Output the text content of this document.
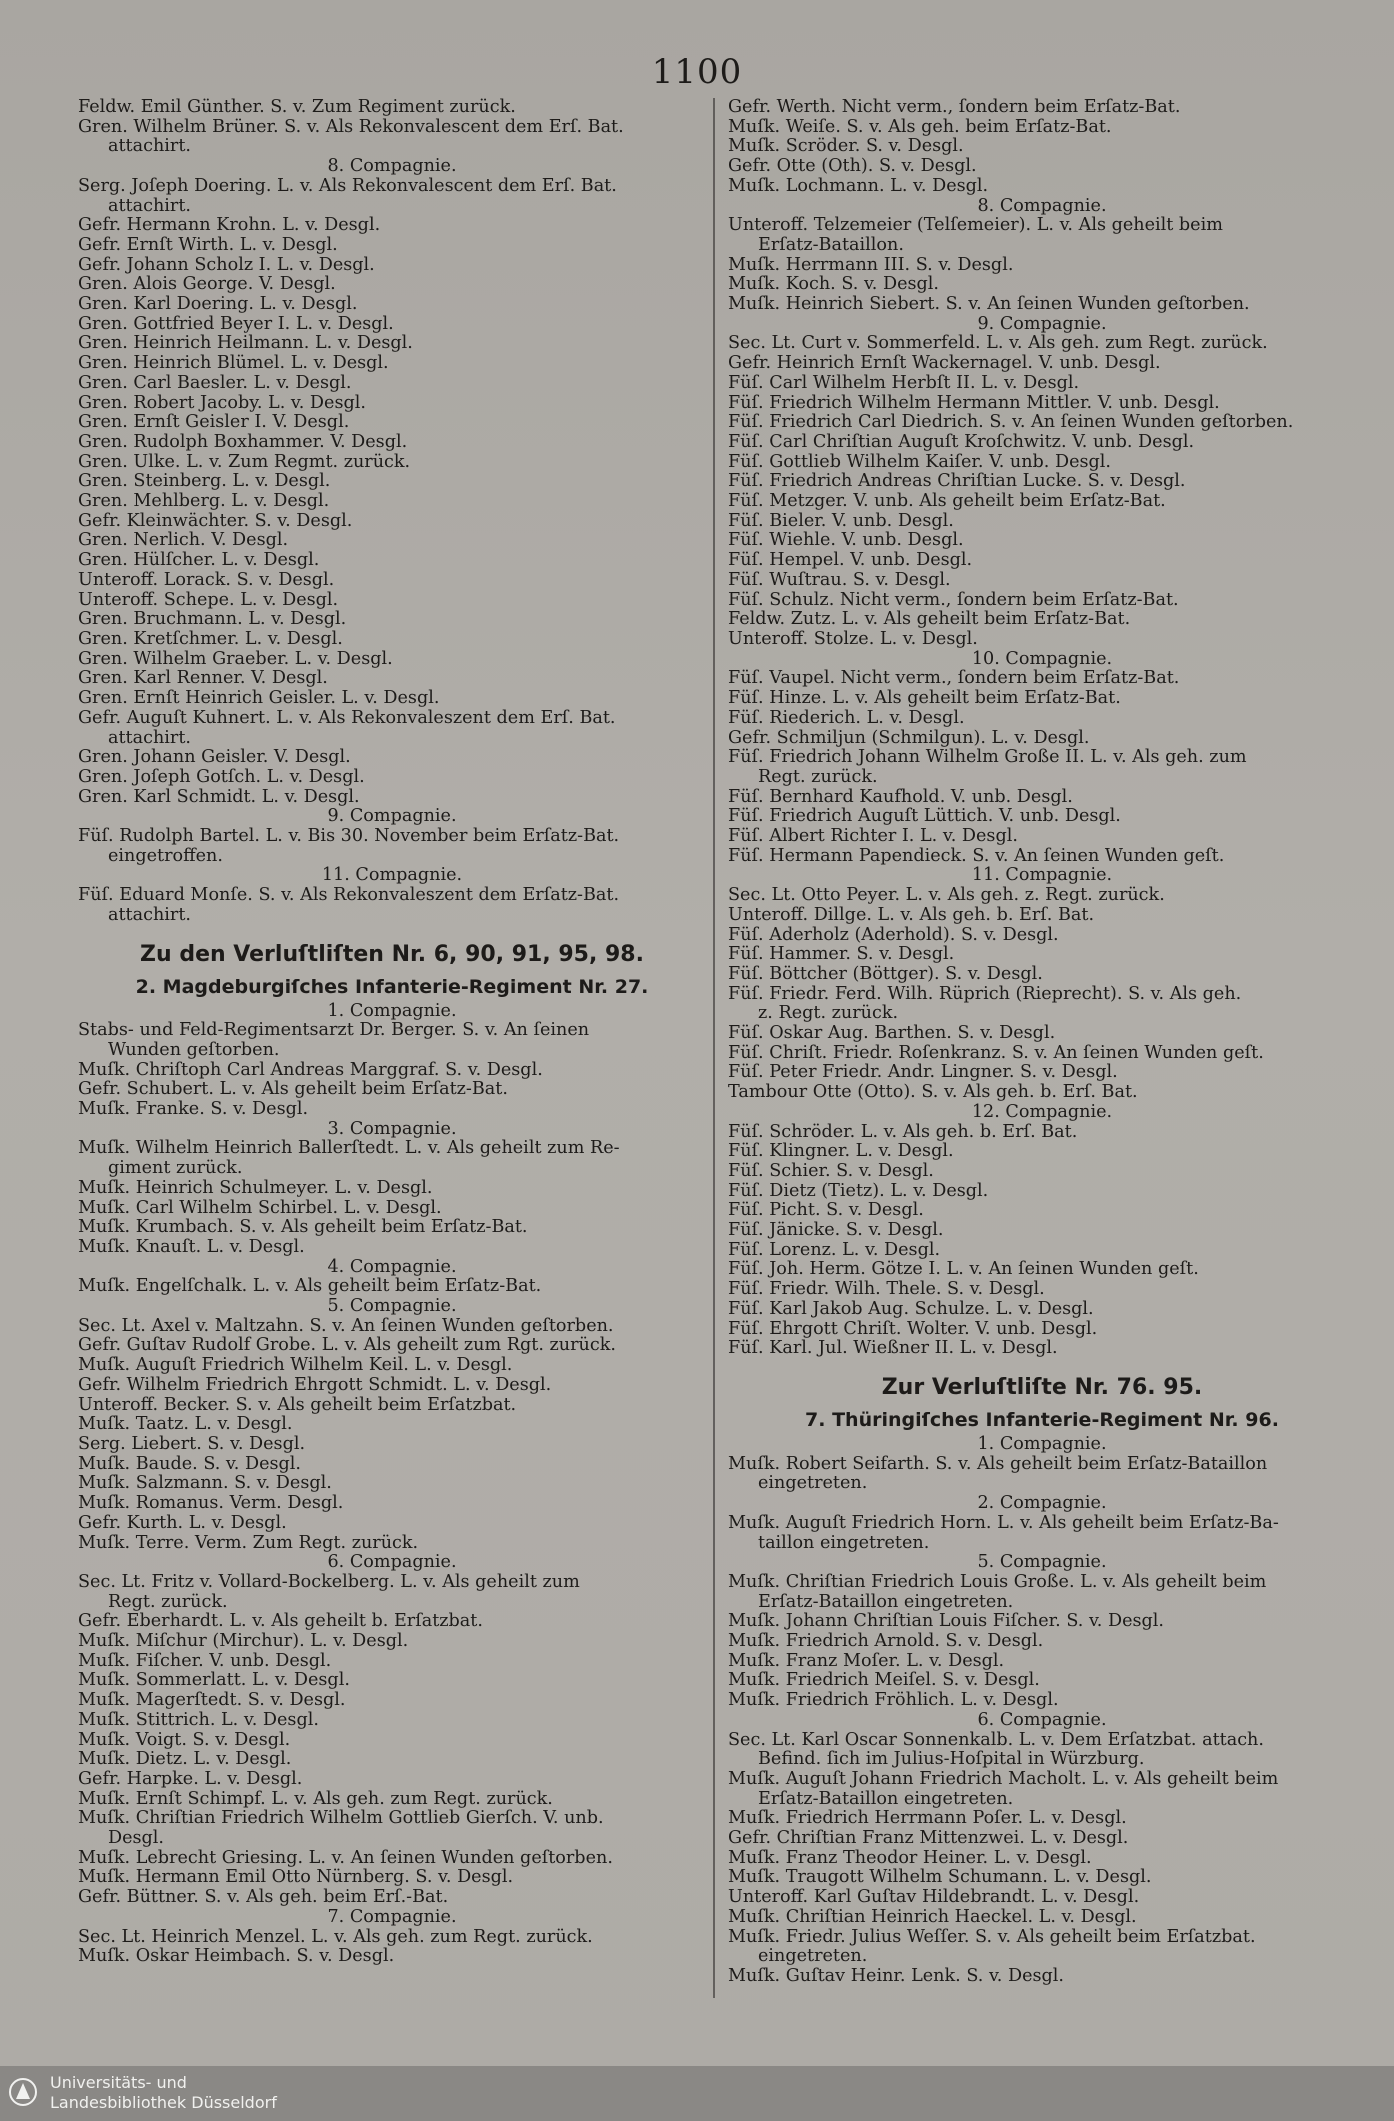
1100
Feldw. Emil Günther. S. v. Zum Regiment zurück.
Gren. Wilhelm Brüner. S. v. Als Rekonvalescent dem Erſ. Bat.
attachirt.
8. Compagnie.
Serg. Joſeph Doering. L. v. Als Rekonvalescent dem Erſ. Bat.
attachirt.
Gefr. Hermann Krohn. L. v. Desgl.
Gefr. Ernſt Wirth. L. v. Desgl.
Gefr. Johann Scholz I. L. v. Desgl.
Gren. Alois George. V. Desgl.
Gren. Karl Doering. L. v. Desgl.
Gren. Gottfried Beyer I. L. v. Desgl.
Gren. Heinrich Heilmann. L. v. Desgl.
Gren. Heinrich Blümel. L. v. Desgl.
Gren. Carl Baesler. L. v. Desgl.
Gren. Robert Jacoby. L. v. Desgl.
Gren. Ernſt Geisler I. V. Desgl.
Gren. Rudolph Boxhammer. V. Desgl.
Gren. Ulke. L. v. Zum Regmt. zurück.
Gren. Steinberg. L. v. Desgl.
Gren. Mehlberg. L. v. Desgl.
Gefr. Kleinwächter. S. v. Desgl.
Gren. Nerlich. V. Desgl.
Gren. Hülſcher. L. v. Desgl.
Unteroff. Lorack. S. v. Desgl.
Unteroff. Schepe. L. v. Desgl.
Gren. Bruchmann. L. v. Desgl.
Gren. Kretſchmer. L. v. Desgl.
Gren. Wilhelm Graeber. L. v. Desgl.
Gren. Karl Renner. V. Desgl.
Gren. Ernſt Heinrich Geisler. L. v. Desgl.
Gefr. Auguſt Kuhnert. L. v. Als Rekonvaleszent dem Erſ. Bat.
attachirt.
Gren. Johann Geisler. V. Desgl.
Gren. Joſeph Gotſch. L. v. Desgl.
Gren. Karl Schmidt. L. v. Desgl.
9. Compagnie.
Füſ. Rudolph Bartel. L. v. Bis 30. November beim Erſatz-Bat.
eingetroffen.
11. Compagnie.
Füſ. Eduard Monſe. S. v. Als Rekonvaleszent dem Erſatz-Bat.
attachirt.
Zu den Verluſtliſten Nr. 6, 90, 91, 95, 98.
2. Magdeburgiſches Infanterie-Regiment Nr. 27.
1. Compagnie.
Stabs- und Feld-Regimentsarzt Dr. Berger. S. v. An ſeinen
Wunden geſtorben.
Muſk. Chriſtoph Carl Andreas Marggraf. S. v. Desgl.
Gefr. Schubert. L. v. Als geheilt beim Erſatz-Bat.
Muſk. Franke. S. v. Desgl.
3. Compagnie.
Muſk. Wilhelm Heinrich Ballerſtedt. L. v. Als geheilt zum Re-
giment zurück.
Muſk. Heinrich Schulmeyer. L. v. Desgl.
Muſk. Carl Wilhelm Schirbel. L. v. Desgl.
Muſk. Krumbach. S. v. Als geheilt beim Erſatz-Bat.
Muſk. Knauſt. L. v. Desgl.
4. Compagnie.
Muſk. Engelſchalk. L. v. Als geheilt beim Erſatz-Bat.
5. Compagnie.
Sec. Lt. Axel v. Maltzahn. S. v. An ſeinen Wunden geſtorben.
Gefr. Guſtav Rudolf Grobe. L. v. Als geheilt zum Rgt. zurück.
Muſk. Auguſt Friedrich Wilhelm Keil. L. v. Desgl.
Gefr. Wilhelm Friedrich Ehrgott Schmidt. L. v. Desgl.
Unteroff. Becker. S. v. Als geheilt beim Erſatzbat.
Muſk. Taatz. L. v. Desgl.
Serg. Liebert. S. v. Desgl.
Muſk. Baude. S. v. Desgl.
Muſk. Salzmann. S. v. Desgl.
Muſk. Romanus. Verm. Desgl.
Gefr. Kurth. L. v. Desgl.
Muſk. Terre. Verm. Zum Regt. zurück.
6. Compagnie.
Sec. Lt. Fritz v. Vollard-Bockelberg. L. v. Als geheilt zum
Regt. zurück.
Gefr. Eberhardt. L. v. Als geheilt b. Erſatzbat.
Muſk. Miſchur (Mirchur). L. v. Desgl.
Muſk. Fiſcher. V. unb. Desgl.
Muſk. Sommerlatt. L. v. Desgl.
Muſk. Magerſtedt. S. v. Desgl.
Muſk. Stittrich. L. v. Desgl.
Muſk. Voigt. S. v. Desgl.
Muſk. Dietz. L. v. Desgl.
Gefr. Harpke. L. v. Desgl.
Muſk. Ernſt Schimpf. L. v. Als geh. zum Regt. zurück.
Muſk. Chriſtian Friedrich Wilhelm Gottlieb Gierſch. V. unb.
Desgl.
Muſk. Lebrecht Griesing. L. v. An ſeinen Wunden geſtorben.
Muſk. Hermann Emil Otto Nürnberg. S. v. Desgl.
Gefr. Büttner. S. v. Als geh. beim Erſ.-Bat.
7. Compagnie.
Sec. Lt. Heinrich Menzel. L. v. Als geh. zum Regt. zurück.
Muſk. Oskar Heimbach. S. v. Desgl.
Gefr. Werth. Nicht verm., ſondern beim Erſatz-Bat.
Muſk. Weiſe. S. v. Als geh. beim Erſatz-Bat.
Muſk. Scröder. S. v. Desgl.
Gefr. Otte (Oth). S. v. Desgl.
Muſk. Lochmann. L. v. Desgl.
8. Compagnie.
Unteroff. Telzemeier (Telſemeier). L. v. Als geheilt beim
Erſatz-Bataillon.
Muſk. Herrmann III. S. v. Desgl.
Muſk. Koch. S. v. Desgl.
Muſk. Heinrich Siebert. S. v. An ſeinen Wunden geſtorben.
9. Compagnie.
Sec. Lt. Curt v. Sommerfeld. L. v. Als geh. zum Regt. zurück.
Gefr. Heinrich Ernſt Wackernagel. V. unb. Desgl.
Füſ. Carl Wilhelm Herbſt II. L. v. Desgl.
Füſ. Friedrich Wilhelm Hermann Mittler. V. unb. Desgl.
Füſ. Friedrich Carl Diedrich. S. v. An ſeinen Wunden geſtorben.
Füſ. Carl Chriſtian Auguſt Kroſchwitz. V. unb. Desgl.
Füſ. Gottlieb Wilhelm Kaiſer. V. unb. Desgl.
Füſ. Friedrich Andreas Chriſtian Lucke. S. v. Desgl.
Füſ. Metzger. V. unb. Als geheilt beim Erſatz-Bat.
Füſ. Bieler. V. unb. Desgl.
Füſ. Wiehle. V. unb. Desgl.
Füſ. Hempel. V. unb. Desgl.
Füſ. Wuſtrau. S. v. Desgl.
Füſ. Schulz. Nicht verm., ſondern beim Erſatz-Bat.
Feldw. Zutz. L. v. Als geheilt beim Erſatz-Bat.
Unteroff. Stolze. L. v. Desgl.
10. Compagnie.
Füſ. Vaupel. Nicht verm., ſondern beim Erſatz-Bat.
Füſ. Hinze. L. v. Als geheilt beim Erſatz-Bat.
Füſ. Riederich. L. v. Desgl.
Gefr. Schmiljun (Schmilgun). L. v. Desgl.
Füſ. Friedrich Johann Wilhelm Große II. L. v. Als geh. zum
Regt. zurück.
Füſ. Bernhard Kaufhold. V. unb. Desgl.
Füſ. Friedrich Auguſt Lüttich. V. unb. Desgl.
Füſ. Albert Richter I. L. v. Desgl.
Füſ. Hermann Papendieck. S. v. An ſeinen Wunden geſt.
11. Compagnie.
Sec. Lt. Otto Peyer. L. v. Als geh. z. Regt. zurück.
Unteroff. Dillge. L. v. Als geh. b. Erſ. Bat.
Füſ. Aderholz (Aderhold). S. v. Desgl.
Füſ. Hammer. S. v. Desgl.
Füſ. Böttcher (Böttger). S. v. Desgl.
Füſ. Friedr. Ferd. Wilh. Rüprich (Rieprecht). S. v. Als geh.
z. Regt. zurück.
Füſ. Oskar Aug. Barthen. S. v. Desgl.
Füſ. Chriſt. Friedr. Roſenkranz. S. v. An ſeinen Wunden geſt.
Füſ. Peter Friedr. Andr. Lingner. S. v. Desgl.
Tambour Otte (Otto). S. v. Als geh. b. Erſ. Bat.
12. Compagnie.
Füſ. Schröder. L. v. Als geh. b. Erſ. Bat.
Füſ. Klingner. L. v. Desgl.
Füſ. Schier. S. v. Desgl.
Füſ. Dietz (Tietz). L. v. Desgl.
Füſ. Picht. S. v. Desgl.
Füſ. Jänicke. S. v. Desgl.
Füſ. Lorenz. L. v. Desgl.
Füſ. Joh. Herm. Götze I. L. v. An ſeinen Wunden geſt.
Füſ. Friedr. Wilh. Thele. S. v. Desgl.
Füſ. Karl Jakob Aug. Schulze. L. v. Desgl.
Füſ. Ehrgott Chriſt. Wolter. V. unb. Desgl.
Füſ. Karl. Jul. Wießner II. L. v. Desgl.
Zur Verluſtliſte Nr. 76. 95.
7. Thüringiſches Infanterie-Regiment Nr. 96.
1. Compagnie.
Muſk. Robert Seifarth. S. v. Als geheilt beim Erſatz-Bataillon
eingetreten.
2. Compagnie.
Muſk. Auguſt Friedrich Horn. L. v. Als geheilt beim Erſatz-Ba-
taillon eingetreten.
5. Compagnie.
Muſk. Chriſtian Friedrich Louis Große. L. v. Als geheilt beim
Erſatz-Bataillon eingetreten.
Muſk. Johann Chriſtian Louis Fiſcher. S. v. Desgl.
Muſk. Friedrich Arnold. S. v. Desgl.
Muſk. Franz Moſer. L. v. Desgl.
Muſk. Friedrich Meiſel. S. v. Desgl.
Muſk. Friedrich Fröhlich. L. v. Desgl.
6. Compagnie.
Sec. Lt. Karl Oscar Sonnenkalb. L. v. Dem Erſatzbat. attach.
Befind. ſich im Julius-Hoſpital in Würzburg.
Muſk. Auguſt Johann Friedrich Macholt. L. v. Als geheilt beim
Erſatz-Bataillon eingetreten.
Muſk. Friedrich Herrmann Poſer. L. v. Desgl.
Gefr. Chriſtian Franz Mittenzwei. L. v. Desgl.
Muſk. Franz Theodor Heiner. L. v. Desgl.
Muſk. Traugott Wilhelm Schumann. L. v. Desgl.
Unteroff. Karl Guſtav Hildebrandt. L. v. Desgl.
Muſk. Chriſtian Heinrich Haeckel. L. v. Desgl.
Muſk. Friedr. Julius Weſſer. S. v. Als geheilt beim Erſatzbat.
eingetreten.
Muſk. Guſtav Heinr. Lenk. S. v. Desgl.
Universitäts- und
Landesbibliothek Düsseldorf
